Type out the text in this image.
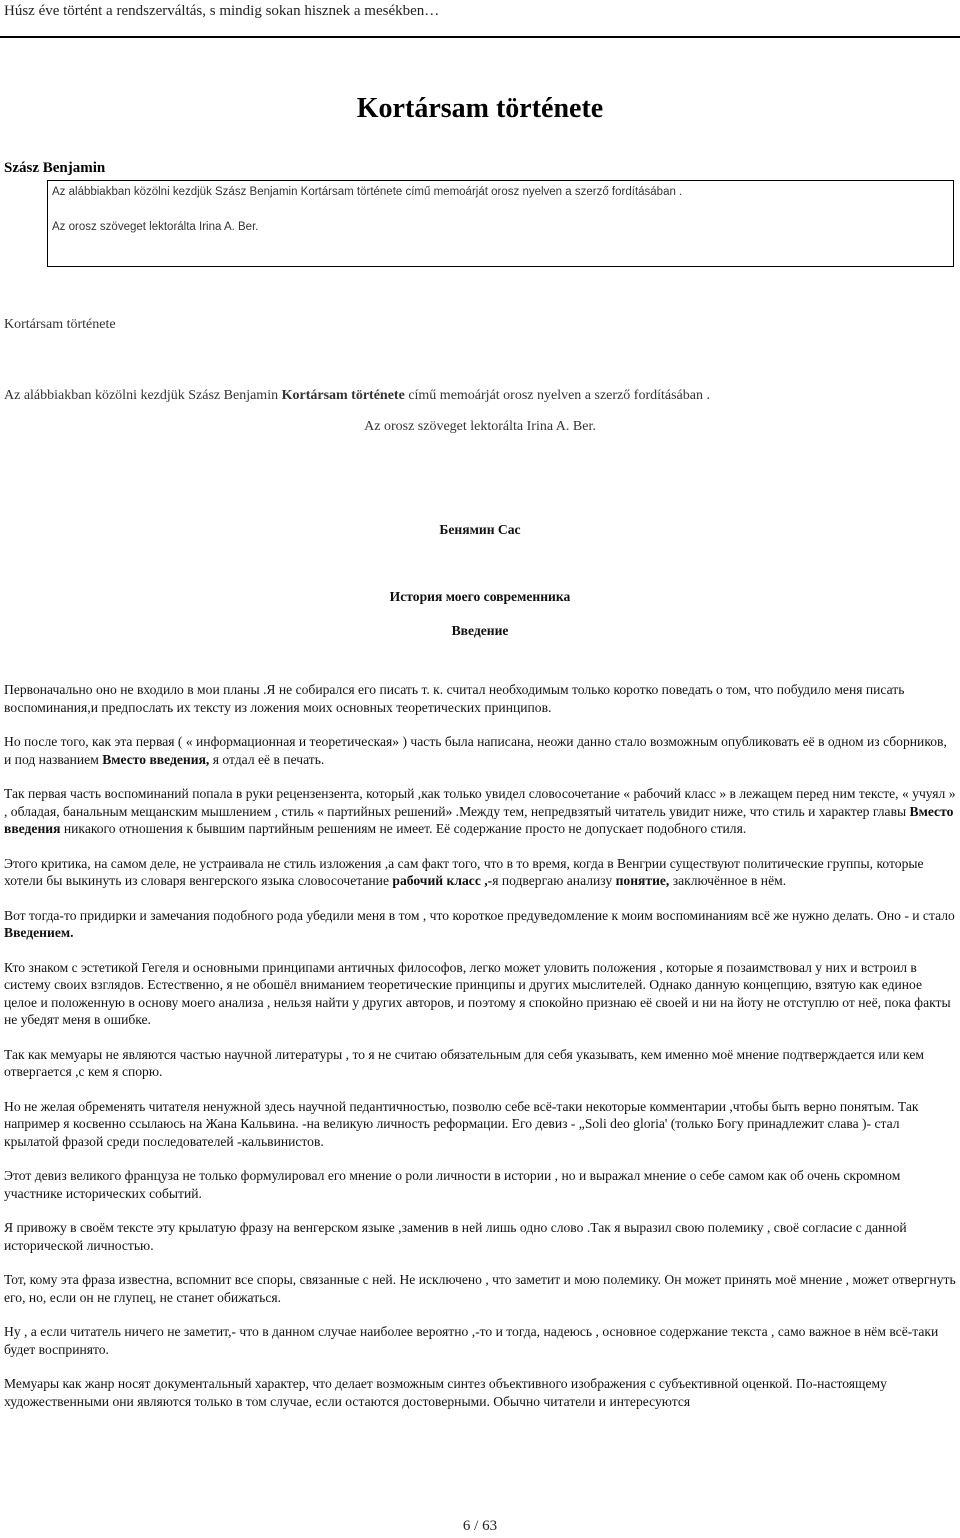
Húsz éve történt a rendszerváltás, s mindig sokan hisznek a mesékben…
Kortársam története
Szász Benjamin
Az alábbiakban közölni kezdjük Szász Benjamin Kortársam története című memoárját orosz nyelven a szerző fordításában .
Az orosz szöveget lektorálta Irina A. Ber.

Kortársam története

Az alábbiakban közölni kezdjük Szász Benjamin Kortársam története című memoárját orosz nyelven a szerző fordításában .

Az orosz szöveget lektorálta Irina A. Ber.

Бенямин Сас

История моего современника

Введение

Первоначально оно не входило в мои планы .Я не собирался его писать т. к. считал необходимым только коротко поведать о том, что побудило меня писать воспоминания,и предпослать их тексту из ложения моих основных теоретических принципов.

Но после того, как эта первая ( « информационная и теоретическая» ) часть была написана, неожи данно стало возможным опубликовать её в одном из сборников, и под названием Вместо введения, я отдал её в печать.

Так первая часть воспоминаний попала в руки рецензензента, который ,как только увидел словосочетание « рабочий класс » в лежащем перед ним тексте, « учуял » , обладая, банальным мещанским мышлением , стиль « партийных решений» .Между тем, непредвзятый читатель увидит ниже, что стиль и характер главы Вместо введения никакого отношения к бывшим партийным решениям не имеет. Её содержание просто не допускает подобного стиля.

Этого критика, на самом деле, не устраивала не стиль изложения ,а сам факт того, что в то время, когда в Венгрии существуют политические группы, которые хотели бы выкинуть из словаря венгерского языка словосочетание рабочий класс ,-я подвергаю анализу понятие, заключённое в нём.

Вот тогда-то придирки и замечания подобного рода убедили меня в том , что короткое предуведомление к моим воспоминаниям всё же нужно делать. Оно - и стало Введением.

Кто знаком с эстетикой Гегеля и основными принципами античных философов, легко может уловить положения , которые я позаимствовал у них и встроил в систему своих взглядов. Естественно, я не обошёл вниманием теоретические принципы и других мыслителей. Однако данную концепцию, взятую как единое целое и положенную в основу моего анализа , нельзя найти у других авторов, и поэтому я спокойно признаю её своей и ни на йоту не отступлю от неё, пока факты не убедят меня в ошибке.

Так как мемуары не являются частью научной литературы , то я не считаю обязательным для себя указывать, кем именно моё мнение подтверждается или кем отвергается ,с кем я спорю.

Но не желая обременять читателя ненужной здесь научной педантичностью, позволю себе всё-таки некоторые комментарии ,чтобы быть верно понятым. Так например я косвенно ссылаюсь на Жана Кальвина. -на великую личность реформации. Его девиз - „Soli deo gloria' (только Богу принадлежит слава )- стал крылатой фразой среди последователей -кальвинистов.

Этот девиз великого француза не только формулировал его мнение о роли личности в истории , но и выражал мнение о себе самом как об очень скромном участнике исторических событий.

Я привожу в своём тексте эту крылатую фразу на венгерском языке ,заменив в ней лишь одно слово .Так я выразил свою полемику , своё согласие с данной исторической личностью.

Тот, кому эта фраза известна, вспомнит все споры, связанные с ней. Не исключено , что заметит и мою полемику. Он может принять моё мнение , может отвергнуть его, но, если он не глупец, не станет обижаться.

Ну , а если читатель ничего не заметит,- что в данном случае наиболее вероятно ,-то и тогда, надеюсь , основное содержание текста , само важное в нём всё-таки будет воспринято.

Мемуары как жанр носят документальный характер, что делает возможным синтез объективного изображения с субъективной оценкой. По-настоящему художественными они являются только в том случае, если остаются достоверными. Обычно читатели и интересуются

6 / 63
